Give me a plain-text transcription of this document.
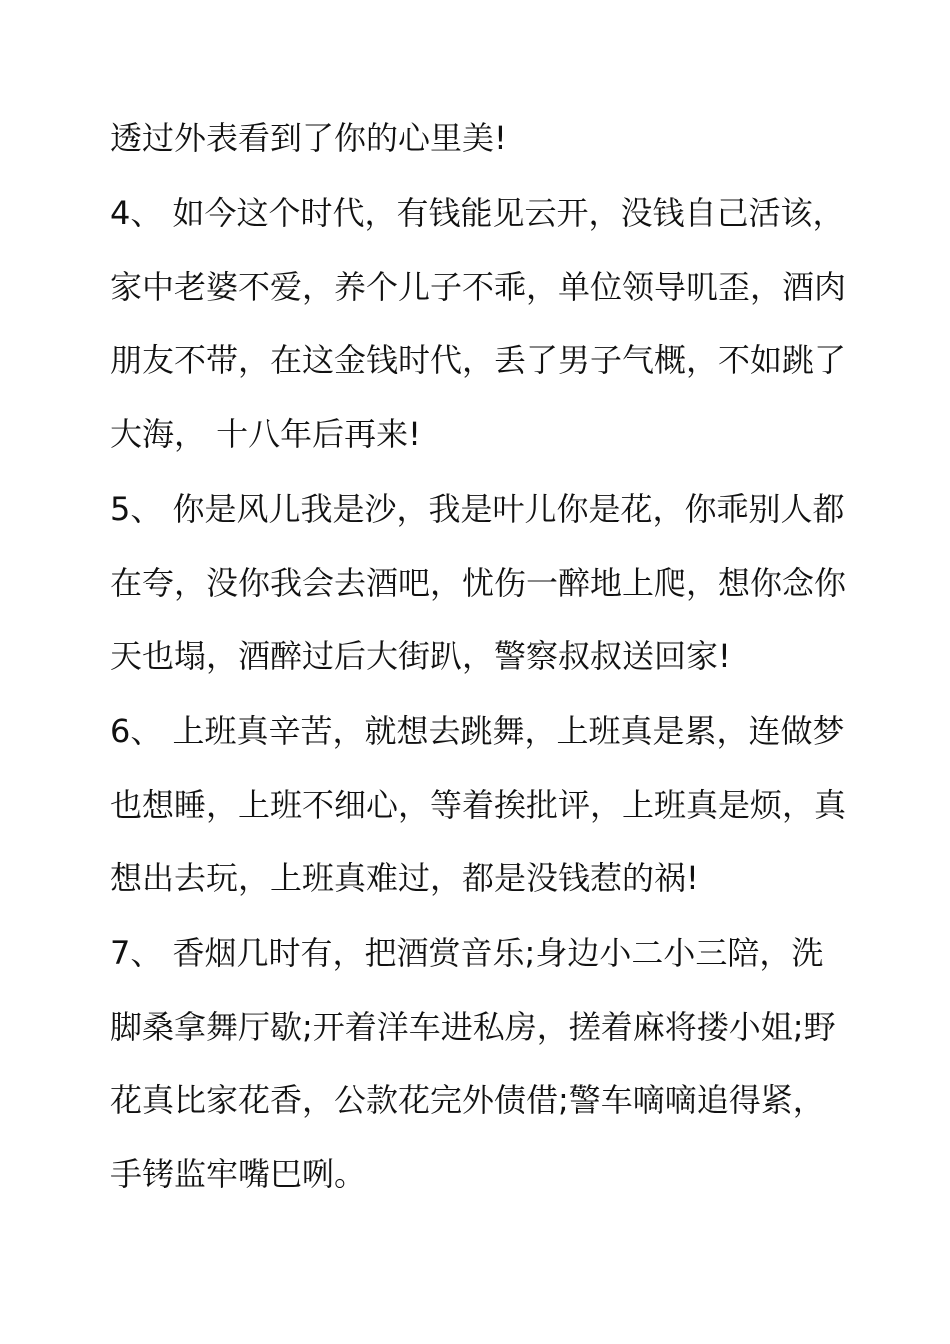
透过外表看到了你的心里美!
4、 如今这个时代，有钱能见云开，没钱自己活该，
家中老婆不爱，养个儿子不乖，单位领导叽歪，酒肉
朋友不带，在这金钱时代，丢了男子气概，不如跳了
大海， 十八年后再来!
5、 你是风儿我是沙，我是叶儿你是花，你乖别人都
在夸，没你我会去酒吧，忧伤一醉地上爬，想你念你
天也塌，酒醉过后大街趴，警察叔叔送回家!
6、 上班真辛苦，就想去跳舞，上班真是累，连做梦
也想睡，上班不细心，等着挨批评，上班真是烦，真
想出去玩，上班真难过，都是没钱惹的祸!
7、 香烟几时有，把酒赏音乐;身边小二小三陪，洗
脚桑拿舞厅歇;开着洋车进私房，搓着麻将搂小姐;野
花真比家花香，公款花完外债借;警车嘀嘀追得紧，
手铐监牢嘴巴咧。
